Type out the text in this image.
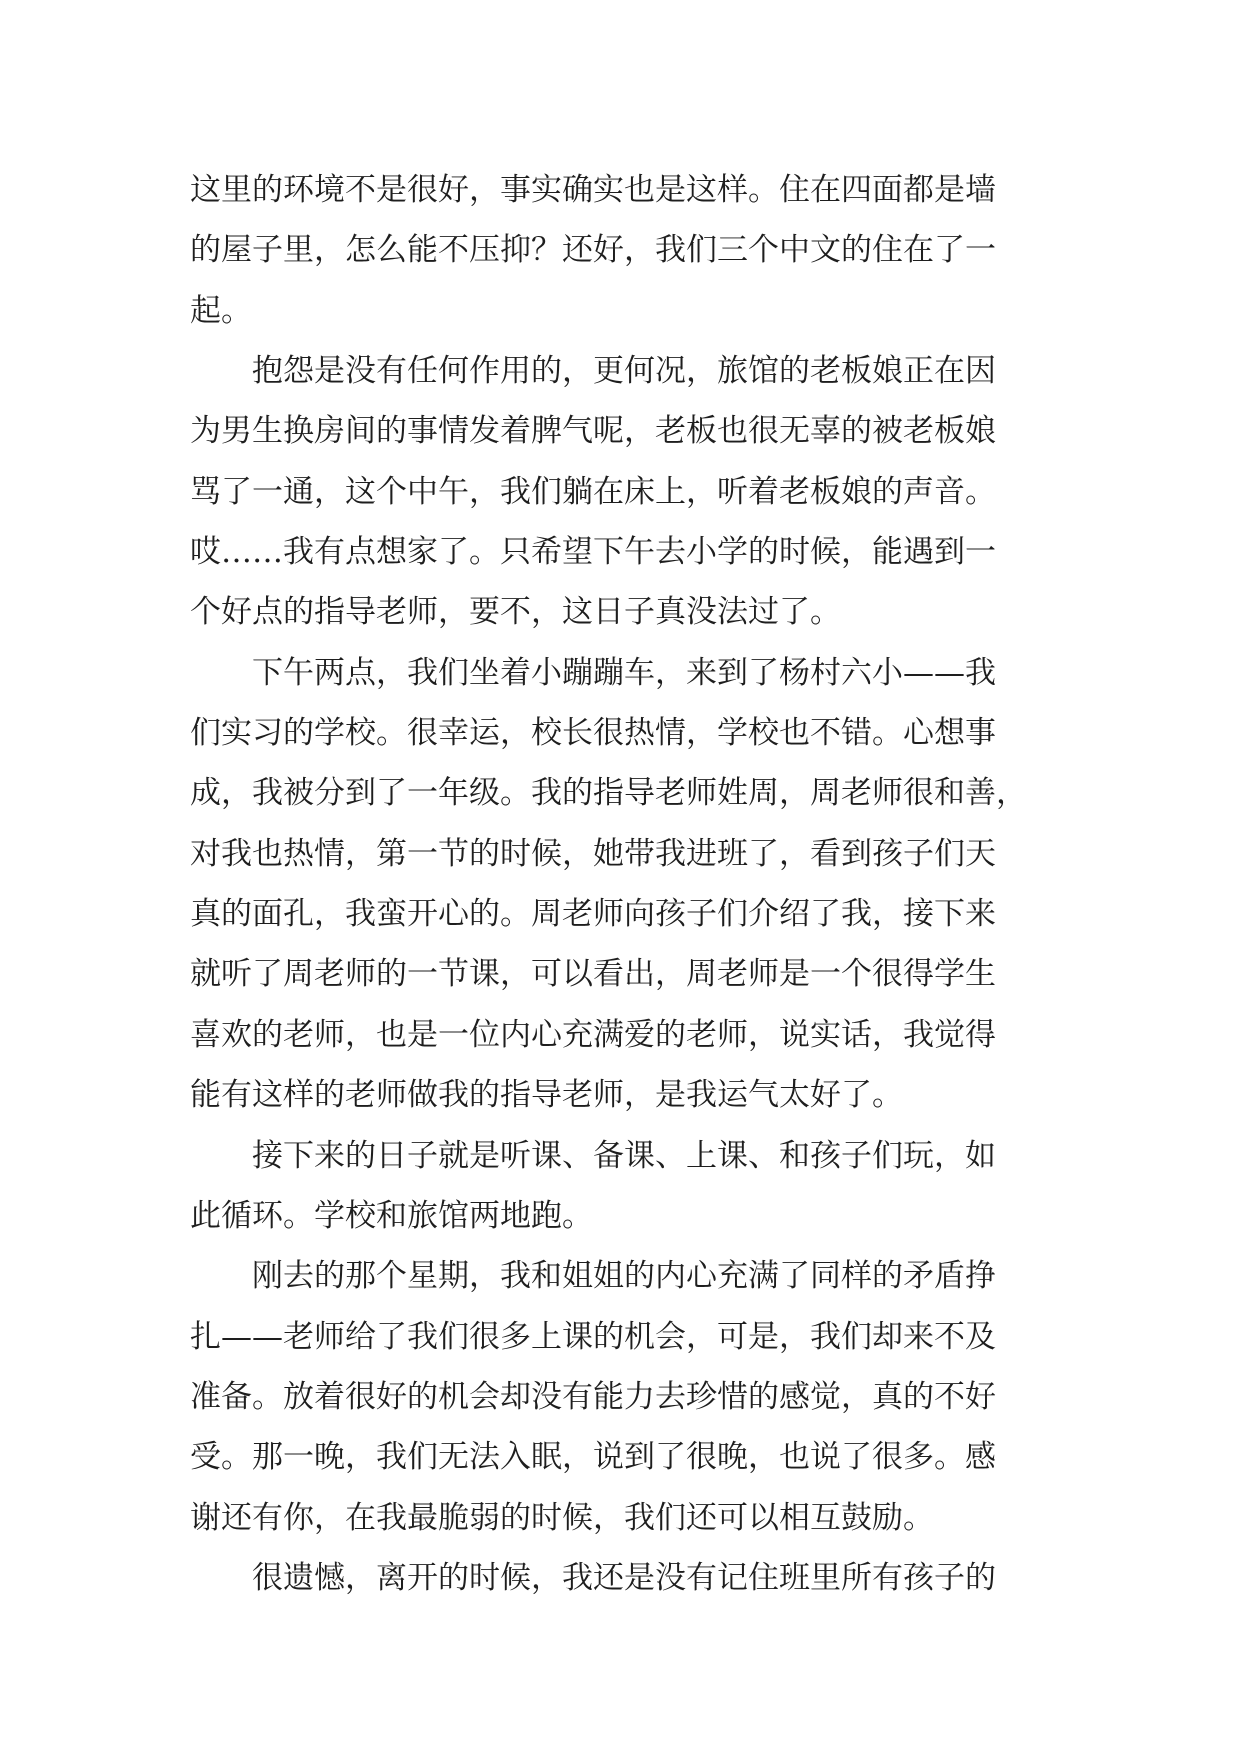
这里的环境不是很好，事实确实也是这样。住在四面都是墙
的屋子里，怎么能不压抑？还好，我们三个中文的住在了一
起。
　　抱怨是没有任何作用的，更何况，旅馆的老板娘正在因
为男生换房间的事情发着脾气呢，老板也很无辜的被老板娘
骂了一通，这个中午，我们躺在床上，听着老板娘的声音。
哎……我有点想家了。只希望下午去小学的时候，能遇到一
个好点的指导老师，要不，这日子真没法过了。
　　下午两点，我们坐着小蹦蹦车，来到了杨村六小——我
们实习的学校。很幸运，校长很热情，学校也不错。心想事
成，我被分到了一年级。我的指导老师姓周，周老师很和善，
对我也热情，第一节的时候，她带我进班了，看到孩子们天
真的面孔，我蛮开心的。周老师向孩子们介绍了我，接下来
就听了周老师的一节课，可以看出，周老师是一个很得学生
喜欢的老师，也是一位内心充满爱的老师，说实话，我觉得
能有这样的老师做我的指导老师，是我运气太好了。
　　接下来的日子就是听课、备课、上课、和孩子们玩，如
此循环。学校和旅馆两地跑。
　　刚去的那个星期，我和姐姐的内心充满了同样的矛盾挣
扎——老师给了我们很多上课的机会，可是，我们却来不及
准备。放着很好的机会却没有能力去珍惜的感觉，真的不好
受。那一晚，我们无法入眠，说到了很晚，也说了很多。感
谢还有你，在我最脆弱的时候，我们还可以相互鼓励。
　　很遗憾，离开的时候，我还是没有记住班里所有孩子的
